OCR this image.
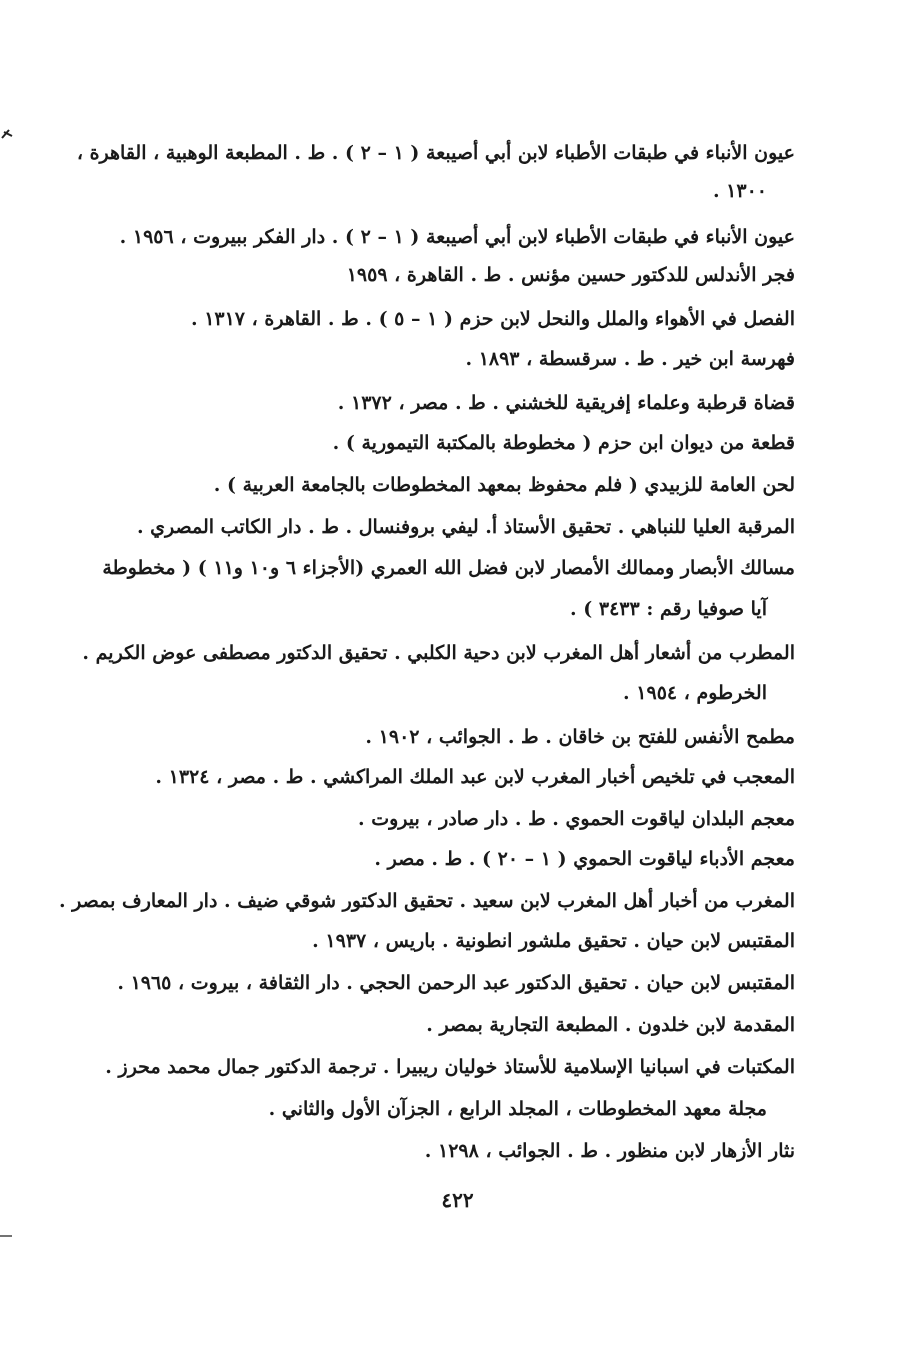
عيون الأنباء في طبقات الأطباء لابن أبي أصيبعة ( ١ – ٢ ) . ط . المطبعة الوهبية ، القاهرة ،
١٣٠٠ .
عيون الأنباء في طبقات الأطباء لابن أبي أصيبعة ( ١ – ٢ ) . دار الفكر ببيروت ، ١٩٥٦ .
فجر الأندلس للدكتور حسين مؤنس . ط . القاهرة ، ١٩٥٩
الفصل في الأهواء والملل والنحل لابن حزم ( ١ – ٥ ) . ط . القاهرة ، ١٣١٧ .
فهرسة ابن خير . ط . سرقسطة ، ١٨٩٣ .
قضاة قرطبة وعلماء إفريقية للخشني . ط . مصر ، ١٣٧٢ .
قطعة من ديوان ابن حزم ( مخطوطة بالمكتبة التيمورية ) .
لحن العامة للزبيدي ( فلم محفوظ بمعهد المخطوطات بالجامعة العربية ) .
المرقبة العليا للنباهي . تحقيق الأستاذ أ. ليفي بروفنسال . ط . دار الكاتب المصري .
مسالك الأبصار وممالك الأمصار لابن فضل الله العمري (الأجزاء ٦ و١٠ و١١ ) ( مخطوطة
آيا صوفيا رقم : ٣٤٣٣ ) .
المطرب من أشعار أهل المغرب لابن دحية الكلبي . تحقيق الدكتور مصطفى عوض الكريم .
الخرطوم ، ١٩٥٤ .
مطمح الأنفس للفتح بن خاقان . ط . الجوائب ، ١٩٠٢ .
المعجب في تلخيص أخبار المغرب لابن عبد الملك المراكشي . ط . مصر ، ١٣٢٤ .
معجم البلدان لياقوت الحموي . ط . دار صادر ، بيروت .
معجم الأدباء لياقوت الحموي ( ١ – ٢٠ ) . ط . مصر .
المغرب من أخبار أهل المغرب لابن سعيد . تحقيق الدكتور شوقي ضيف . دار المعارف بمصر .
المقتبس لابن حيان . تحقيق ملشور انطونية . باريس ، ١٩٣٧ .
المقتبس لابن حيان . تحقيق الدكتور عبد الرحمن الحجي . دار الثقافة ، بيروت ، ١٩٦٥ .
المقدمة لابن خلدون . المطبعة التجارية بمصر .
المكتبات في اسبانيا الإسلامية للأستاذ خوليان ريبيرا . ترجمة الدكتور جمال محمد محرز .
مجلة معهد المخطوطات ، المجلد الرابع ، الجزآن الأول والثاني .
نثار الأزهار لابن منظور . ط . الجوائب ، ١٢٩٨ .
٤٢٢
